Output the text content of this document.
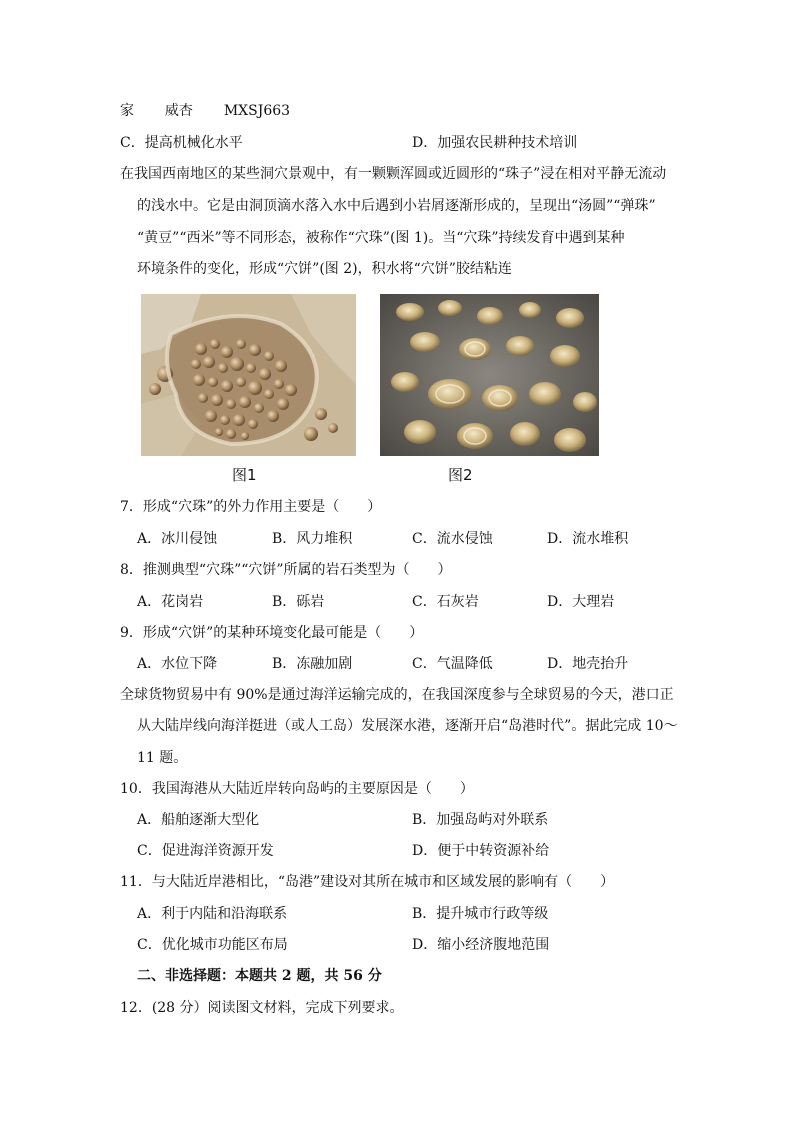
家 威杏 MXSJ663
C．提高机械化水平	D．加强农民耕种技术培训
在我国西南地区的某些洞穴景观中，有一颗颗浑圆或近圆形的“珠子”浸在相对平静无流动
的浅水中。它是由洞顶滴水落入水中后遇到小岩屑逐渐形成的，呈现出“汤圆”“弹珠”
“黄豆”“西米”等不同形态，被称作“穴珠”(图 1)。当“穴珠”持续发育中遇到某种
环境条件的变化，形成“穴饼”(图 2)，积水将“穴饼”胶结粘连
图1	图2
7．形成“穴珠”的外力作用主要是（　　）
A．冰川侵蚀	B．风力堆积	C．流水侵蚀	D．流水堆积
8．推测典型“穴珠”“穴饼”所属的岩石类型为（　　）
A．花岗岩	B．砾岩	C．石灰岩	D．大理岩
9．形成“穴饼”的某种环境变化最可能是（　　）
A．水位下降	B．冻融加剧	C．气温降低	D．地壳抬升
全球货物贸易中有 90%是通过海洋运输完成的，在我国深度参与全球贸易的今天，港口正
从大陆岸线向海洋挺进（或人工岛）发展深水港，逐渐开启“岛港时代”。据此完成 10～
11 题。
10．我国海港从大陆近岸转向岛屿的主要原因是（　　）
A．船舶逐渐大型化	B．加强岛屿对外联系
C．促进海洋资源开发	D．便于中转资源补给
11．与大陆近岸港相比，“岛港”建设对其所在城市和区域发展的影响有（　　）
A．利于内陆和沿海联系	B．提升城市行政等级
C．优化城市功能区布局	D．缩小经济腹地范围
二、非选择题：本题共 2 题，共 56 分
12．(28 分）阅读图文材料，完成下列要求。
